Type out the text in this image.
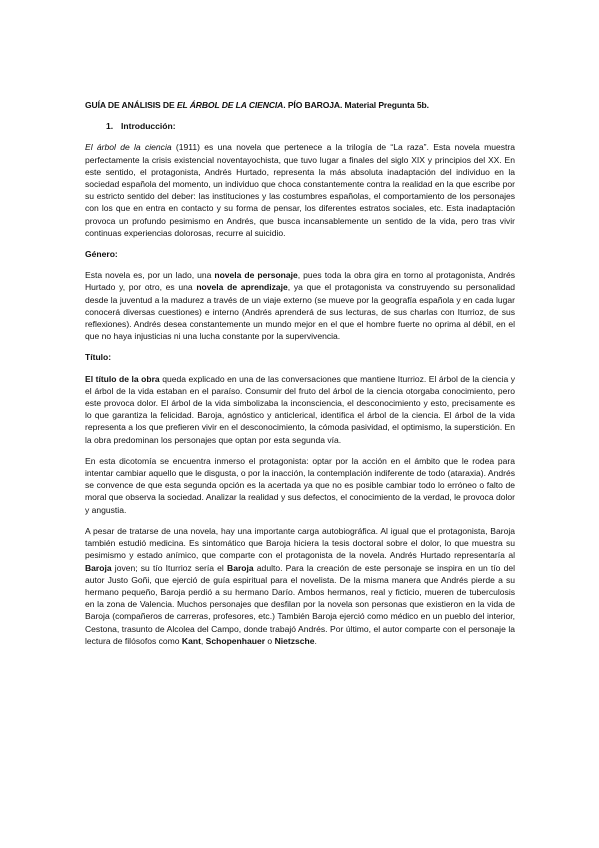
GUÍA DE ANÁLISIS DE EL ÁRBOL DE LA CIENCIA. PÍO BAROJA. Material Pregunta 5b.
1. Introducción:

El árbol de la ciencia (1911) es una novela que pertenece a la trilogía de “La raza”. Esta novela muestra perfectamente la crisis existencial noventayochista, que tuvo lugar a finales del siglo XIX y principios del XX. En este sentido, el protagonista, Andrés Hurtado, representa la más absoluta inadaptación del individuo en la sociedad española del momento, un individuo que choca constantemente contra la realidad en la que escribe por su estricto sentido del deber: las instituciones y las costumbres españolas, el comportamiento de los personajes con los que en entra en contacto y su forma de pensar, los diferentes estratos sociales, etc. Esta inadaptación provoca un profundo pesimismo en Andrés, que busca incansablemente un sentido de la vida, pero tras vivir continuas experiencias dolorosas, recurre al suicidio.

Género:

Esta novela es, por un lado, una novela de personaje, pues toda la obra gira en torno al protagonista, Andrés Hurtado y, por otro, es una novela de aprendizaje, ya que el protagonista va construyendo su personalidad desde la juventud a la madurez a través de un viaje externo (se mueve por la geografía española y en cada lugar conocerá diversas cuestiones) e interno (Andrés aprenderá de sus lecturas, de sus charlas con Iturrioz, de sus reflexiones). Andrés desea constantemente un mundo mejor en el que el hombre fuerte no oprima al débil, en el que no haya injusticias ni una lucha constante por la supervivencia.

Título:

El título de la obra queda explicado en una de las conversaciones que mantiene Iturrioz. El árbol de la ciencia y el árbol de la vida estaban en el paraíso. Consumir del fruto del árbol de la ciencia otorgaba conocimiento, pero este provoca dolor. El árbol de la vida simbolizaba la inconsciencia, el desconocimiento y esto, precisamente es lo que garantiza la felicidad. Baroja, agnóstico y anticlerical, identifica el árbol de la ciencia. El árbol de la vida representa a los que prefieren vivir en el desconocimiento, la cómoda pasividad, el optimismo, la superstición. En la obra predominan los personajes que optan por esta segunda vía.

En esta dicotomía se encuentra inmerso el protagonista: optar por la acción en el ámbito que le rodea para intentar cambiar aquello que le disgusta, o por la inacción, la contemplación indiferente de todo (ataraxia). Andrés se convence de que esta segunda opción es la acertada ya que no es posible cambiar todo lo erróneo o falto de moral que observa la sociedad. Analizar la realidad y sus defectos, el conocimiento de la verdad, le provoca dolor y angustia.

A pesar de tratarse de una novela, hay una importante carga autobiográfica. Al igual que el protagonista, Baroja también estudió medicina. Es sintomático que Baroja hiciera la tesis doctoral sobre el dolor, lo que muestra su pesimismo y estado anímico, que comparte con el protagonista de la novela. Andrés Hurtado representaría al Baroja joven; su tío Iturrioz sería el Baroja adulto. Para la creación de este personaje se inspira en un tío del autor Justo Goñi, que ejerció de guía espiritual para el novelista. De la misma manera que Andrés pierde a su hermano pequeño, Baroja perdió a su hermano Darío. Ambos hermanos, real y ficticio, mueren de tuberculosis en la zona de Valencia. Muchos personajes que desfilan por la novela son personas que existieron en la vida de Baroja (compañeros de carreras, profesores, etc.) También Baroja ejerció como médico en un pueblo del interior, Cestona, trasunto de Alcolea del Campo, donde trabajó Andrés. Por último, el autor comparte con el personaje la lectura de filósofos como Kant, Schopenhauer o Nietzsche.
